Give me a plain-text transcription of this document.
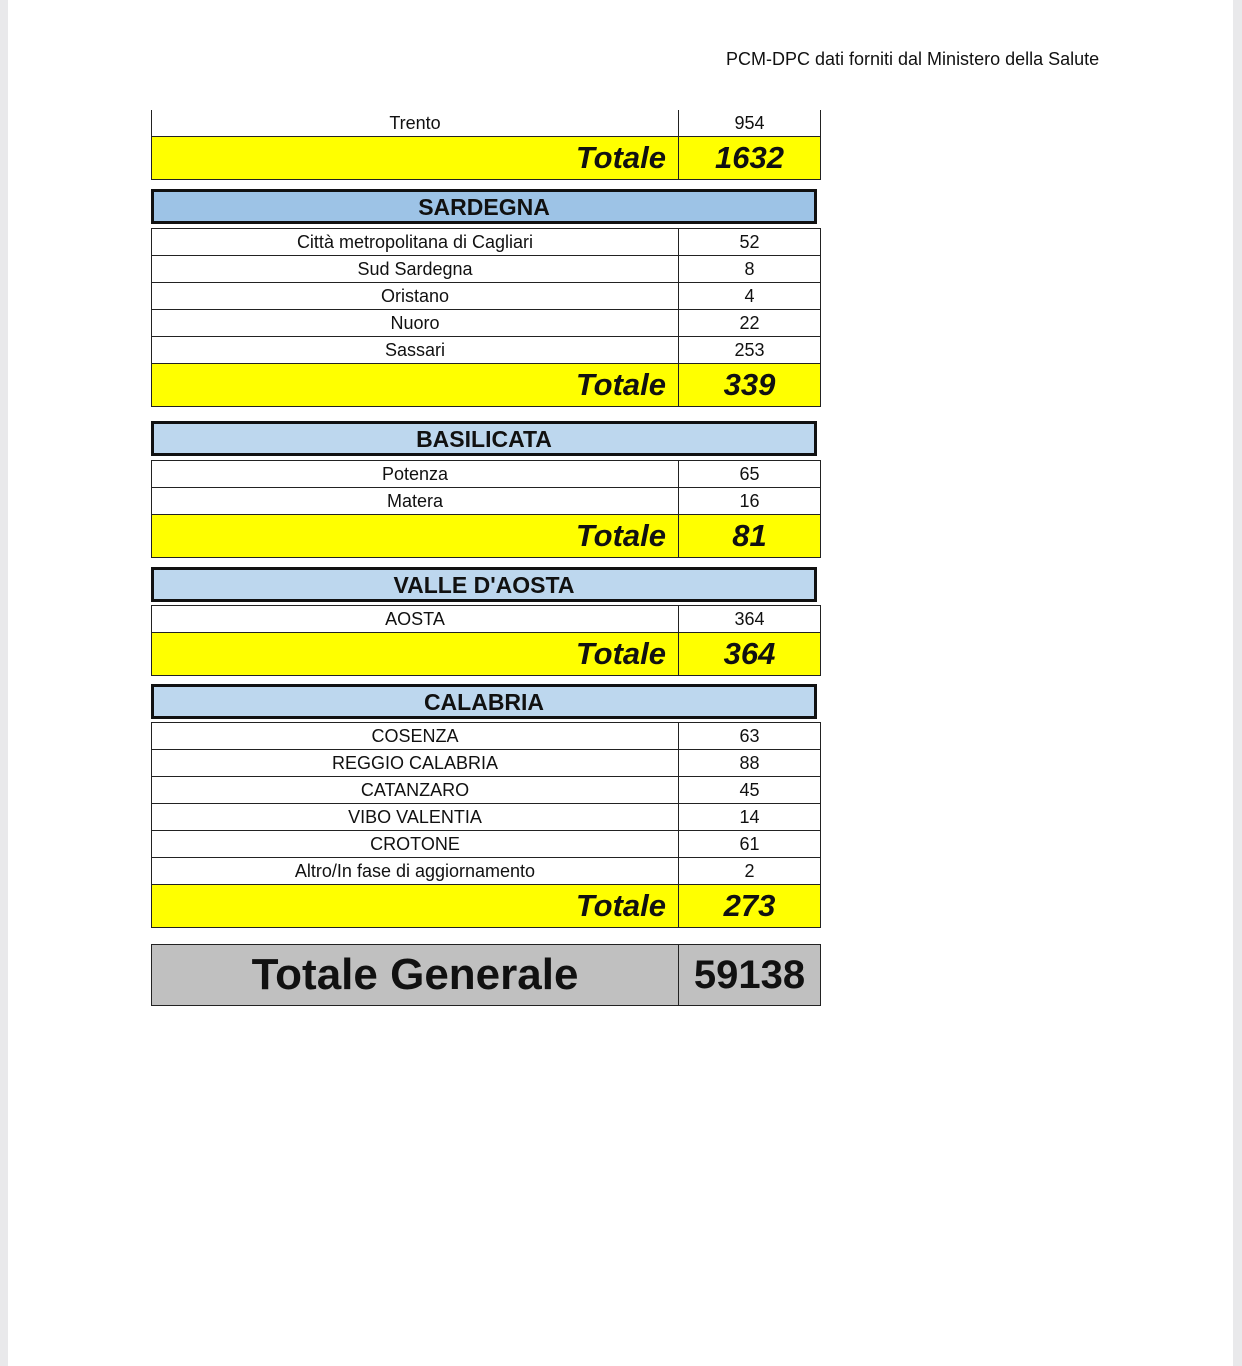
PCM-DPC dati forniti dal Ministero della Salute
Trento	954
Totale	1632
SARDEGNA
Città metropolitana di Cagliari	52
Sud Sardegna	8
Oristano	4
Nuoro	22
Sassari	253
Totale	339
BASILICATA
Potenza	65
Matera	16
Totale	81
VALLE D'AOSTA
AOSTA	364
Totale	364
CALABRIA
COSENZA	63
REGGIO CALABRIA	88
CATANZARO	45
VIBO VALENTIA	14
CROTONE	61
Altro/In fase di aggiornamento	2
Totale	273
Totale Generale	59138
